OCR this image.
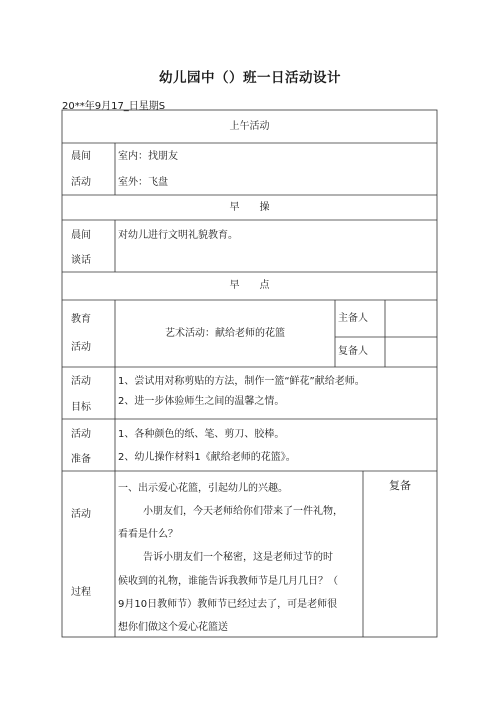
幼儿园中（）班一日活动设计
20**年9月17_日星期S
上午活动
晨间
活动
室内：找朋友
室外：飞盘
早　　操
晨间
谈话
对幼儿进行文明礼貌教育。
早　　点
教育
活动
艺术活动：献给老师的花篮
主备人
复备人
活动
目标
1、尝试用对称剪贴的方法，制作一篮“鲜花”献给老师。
2、进一步体验师生之间的温馨之情。
活动
准备
1、各种颜色的纸、笔、剪刀、胶棒。
2、幼儿操作材料1《献给老师的花篮》。
活动
过程
一、出示爱心花篮，引起幼儿的兴趣。
小朋友们，今天老师给你们带来了一件礼物，
看看是什么？
告诉小朋友们一个秘密，这是老师过节的时
候收到的礼物，谁能告诉我教师节是几月几日？（
9月10日教师节）教师节已经过去了，可是老师很
想你们做这个爱心花篮送
复备
